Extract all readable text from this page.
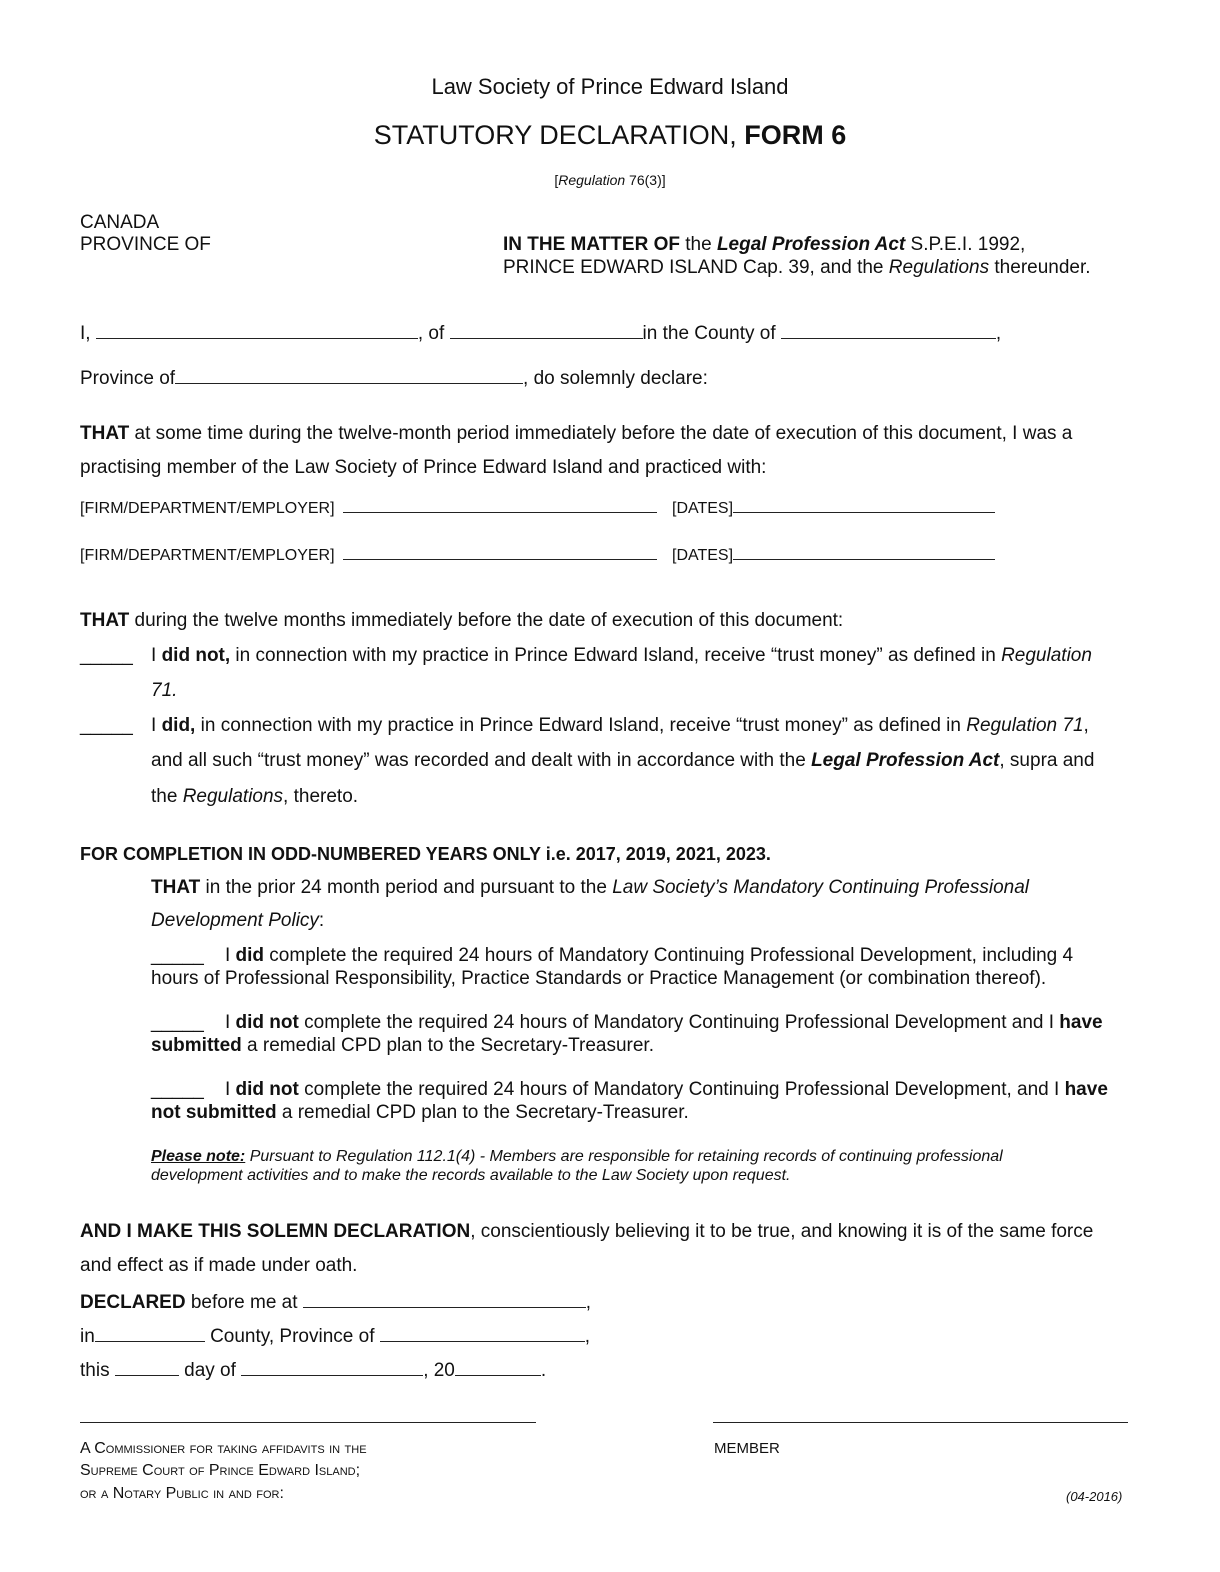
Law Society of Prince Edward Island
STATUTORY DECLARATION, FORM 6
[Regulation 76(3)]
CANADA
PROVINCE OF	IN THE MATTER OF the Legal Profession Act S.P.E.I. 1992,
PRINCE EDWARD ISLAND Cap. 39, and the Regulations thereunder.
I,	, of	in the County of	,
Province of	, do solemnly declare:
THAT at some time during the twelve-month period immediately before the date of execution of this document, I was a
practising member of the Law Society of Prince Edward Island and practiced with:
[FIRM/DEPARTMENT/EMPLOYER]	[DATES]
[FIRM/DEPARTMENT/EMPLOYER]	[DATES]
THAT during the twelve months immediately before the date of execution of this document:
_____ I did not, in connection with my practice in Prince Edward Island, receive “trust money” as defined in Regulation
71.
_____ I did, in connection with my practice in Prince Edward Island, receive “trust money” as defined in Regulation 71,
and all such “trust money” was recorded and dealt with in accordance with the Legal Profession Act, supra and
the Regulations, thereto.
FOR COMPLETION IN ODD-NUMBERED YEARS ONLY i.e. 2017, 2019, 2021, 2023.
THAT in the prior 24 month period and pursuant to the Law Society’s Mandatory Continuing Professional
Development Policy:
_____ I did complete the required 24 hours of Mandatory Continuing Professional Development, including 4
hours of Professional Responsibility, Practice Standards or Practice Management (or combination thereof).
_____ I did not complete the required 24 hours of Mandatory Continuing Professional Development and I have
submitted a remedial CPD plan to the Secretary-Treasurer.
_____ I did not complete the required 24 hours of Mandatory Continuing Professional Development, and I have
not submitted a remedial CPD plan to the Secretary-Treasurer.
Please note: Pursuant to Regulation 112.1(4) - Members are responsible for retaining records of continuing professional
development activities and to make the records available to the Law Society upon request.
AND I MAKE THIS SOLEMN DECLARATION, conscientiously believing it to be true, and knowing it is of the same force
and effect as if made under oath.
DECLARED before me at	,
in	County, Province of	,
this	day of	, 20	.
A Commissioner for taking affidavits in the
Supreme Court of Prince Edward Island;
or a Notary Public in and for:
MEMBER
(04-2016)
